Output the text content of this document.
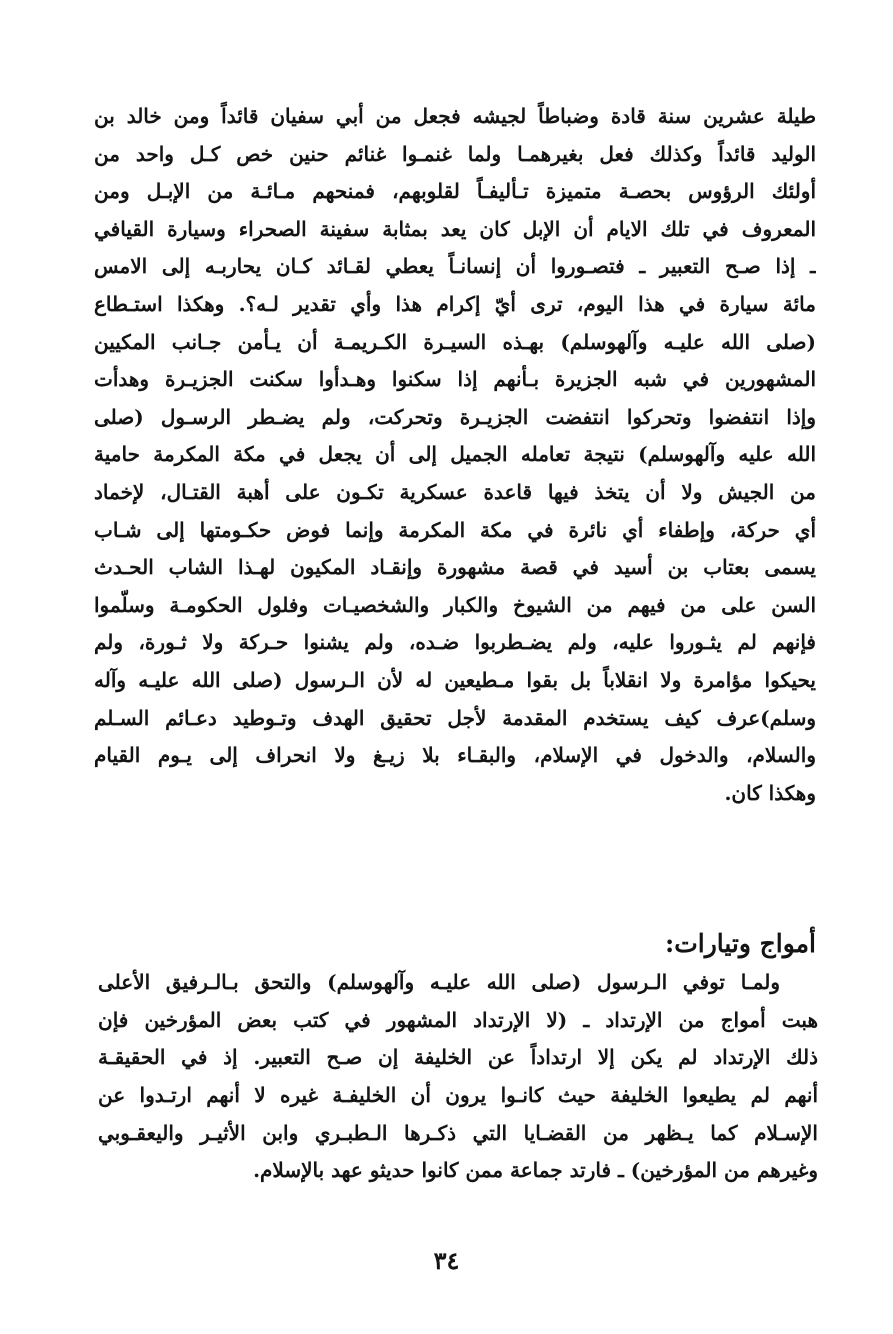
طيلة عشرين سنة قادة وضباطاً لجيشه فجعل من أبي سفيان قائداً ومن خالد بن
الوليد قائداً وكذلك فعل بغيرهمـا ولما غنمـوا غنائم حنين خص كـل واحد من
أولئك الرؤوس بحصـة متميزة تـأليفـاً لقلوبهم، فمنحهم مـائـة من الإبـل ومن
المعروف في تلك الايام أن الإبل كان يعد بمثابة سفينة الصحراء وسيارة القيافي
ـ إذا صـح التعبير ـ فتصـوروا أن إنسانـاً يعطي لقـائد كـان يحاربـه إلى الامس
مائة سيارة في هذا اليوم، ترى أيّ إكرام هذا وأي تقدير لـه؟. وهكذا استـطاع
(صلى الله عليـه وآلهوسلم) بهـذه السيـرة الكـريمـة أن يـأمن جـانب المكيين
المشهورين في شبه الجزيرة بـأنهم إذا سكنوا وهـدأوا سكنت الجزيـرة وهدأت
وإذا انتفضوا وتحركوا انتفضت الجزيـرة وتحركت، ولم يضـطر الرسـول (صلى
الله عليه وآلهوسلم) نتيجة تعامله الجميل إلى أن يجعل في مكة المكرمة حامية
من الجيش ولا أن يتخذ فيها قاعدة عسكرية تكـون على أهبة القتـال، لإخماد
أي حركة، وإطفاء أي نائرة في مكة المكرمة وإنما فوض حكـومتها إلى شـاب
يسمى بعتاب بن أسيد في قصة مشهورة وإنقـاد المكيون لهـذا الشاب الحـدث
السن على من فيهم من الشيوخ والكبار والشخصيـات وفلول الحكومـة وسلّموا
فإنهم لم يثـوروا عليه، ولم يضـطربوا ضـده، ولم يشنوا حـركة ولا ثـورة، ولم
يحيكوا مؤامرة ولا انقلاباً بل بقوا مـطيعين له لأن الـرسول (صلى الله عليـه وآله
وسلم)عرف كيف يستخدم المقدمة لأجل تحقيق الهدف وتـوطيد دعـائم السـلم
والسلام، والدخول في الإسلام، والبقـاء بلا زيـغ ولا انحراف إلى يـوم القيام
وهكذا كان.
أمواج وتيارات:
ولمـا توفي الـرسول (صلى الله عليـه وآلهوسلم) والتحق بـالـرفيق الأعلى
هبت أمواج من الإرتداد ـ (لا الإرتداد المشهور في كتب بعض المؤرخين فإن
ذلك الإرتداد لم يكن إلا ارتداداً عن الخليفة إن صـح التعبير. إذ في الحقيقـة
أنهم لم يطيعوا الخليفة حيث كانـوا يرون أن الخليفـة غيره لا أنهم ارتـدوا عن
الإسـلام كما يـظهر من القضـايا التي ذكـرها الـطبـري وابن الأثيـر واليعقـوبي
وغيرهم من المؤرخين) ـ فارتد جماعة ممن كانوا حديثو عهد بالإسلام.
٣٤
